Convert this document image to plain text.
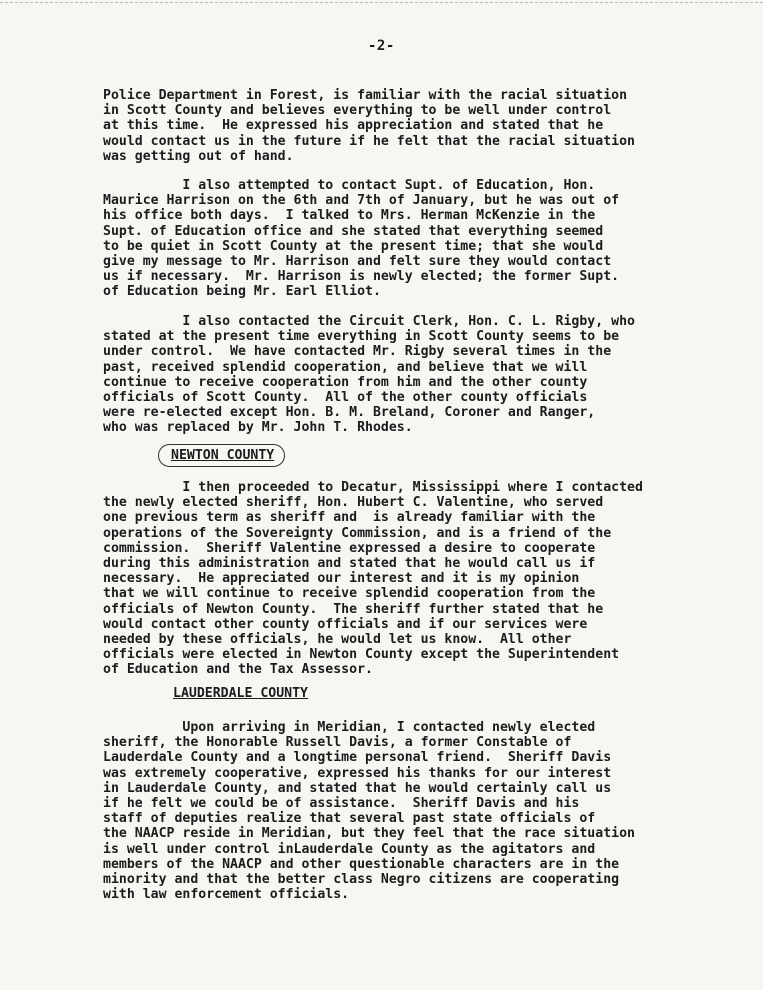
-2-

Police Department in Forest, is familiar with the racial situation
in Scott County and believes everything to be well under control
at this time.  He expressed his appreciation and stated that he
would contact us in the future if he felt that the racial situation
was getting out of hand.

I also attempted to contact Supt. of Education, Hon.
Maurice Harrison on the 6th and 7th of January, but he was out of
his office both days.  I talked to Mrs. Herman McKenzie in the
Supt. of Education office and she stated that everything seemed
to be quiet in Scott County at the present time; that she would
give my message to Mr. Harrison and felt sure they would contact
us if necessary.  Mr. Harrison is newly elected; the former Supt.
of Education being Mr. Earl Elliot.

I also contacted the Circuit Clerk, Hon. C. L. Rigby, who
stated at the present time everything in Scott County seems to be
under control.  We have contacted Mr. Rigby several times in the
past, received splendid cooperation, and believe that we will
continue to receive cooperation from him and the other county
officials of Scott County.  All of the other county officials
were re-elected except Hon. B. M. Breland, Coroner and Ranger,
who was replaced by Mr. John T. Rhodes.

NEWTON COUNTY

I then proceeded to Decatur, Mississippi where I contacted
the newly elected sheriff, Hon. Hubert C. Valentine, who served
one previous term as sheriff and  is already familiar with the
operations of the Sovereignty Commission, and is a friend of the
commission.  Sheriff Valentine expressed a desire to cooperate
during this administration and stated that he would call us if
necessary.  He appreciated our interest and it is my opinion
that we will continue to receive splendid cooperation from the
officials of Newton County.  The sheriff further stated that he
would contact other county officials and if our services were
needed by these officials, he would let us know.  All other
officials were elected in Newton County except the Superintendent
of Education and the Tax Assessor.

LAUDERDALE COUNTY

Upon arriving in Meridian, I contacted newly elected
sheriff, the Honorable Russell Davis, a former Constable of
Lauderdale County and a longtime personal friend.  Sheriff Davis
was extremely cooperative, expressed his thanks for our interest
in Lauderdale County, and stated that he would certainly call us
if he felt we could be of assistance.  Sheriff Davis and his
staff of deputies realize that several past state officials of
the NAACP reside in Meridian, but they feel that the race situation
is well under control inLauderdale County as the agitators and
members of the NAACP and other questionable characters are in the
minority and that the better class Negro citizens are cooperating
with law enforcement officials.
